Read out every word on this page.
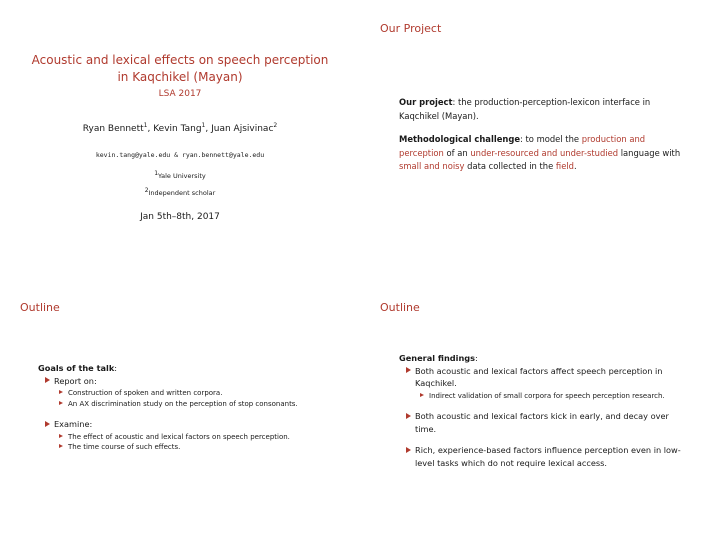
Acoustic and lexical effects on speech perception
in Kaqchikel (Mayan)
LSA 2017
Ryan Bennett$^1$, Kevin Tang$^1$, Juan Ajsivinac$^2$
kevin.tang@yale.edu & ryan.bennett@yale.edu
$^1$Yale University
$^2$Independent scholar
Jan 5th–8th, 2017
Our Project
Our project: the production-perception-lexicon interface in Kaqchikel (Mayan).
Methodological challenge: to model the production and perception of an under-resourced and under-studied language with small and noisy data collected in the field.
Outline
Goals of the talk:
Report on:
Construction of spoken and written corpora.
An AX discrimination study on the perception of stop consonants.
Examine:
The effect of acoustic and lexical factors on speech perception.
The time course of such effects.
Outline
General findings:
Both acoustic and lexical factors affect speech perception in Kaqchikel.
Indirect validation of small corpora for speech perception research.
Both acoustic and lexical factors kick in early, and decay over time.
Rich, experience-based factors influence perception even in low-level tasks which do not require lexical access.
